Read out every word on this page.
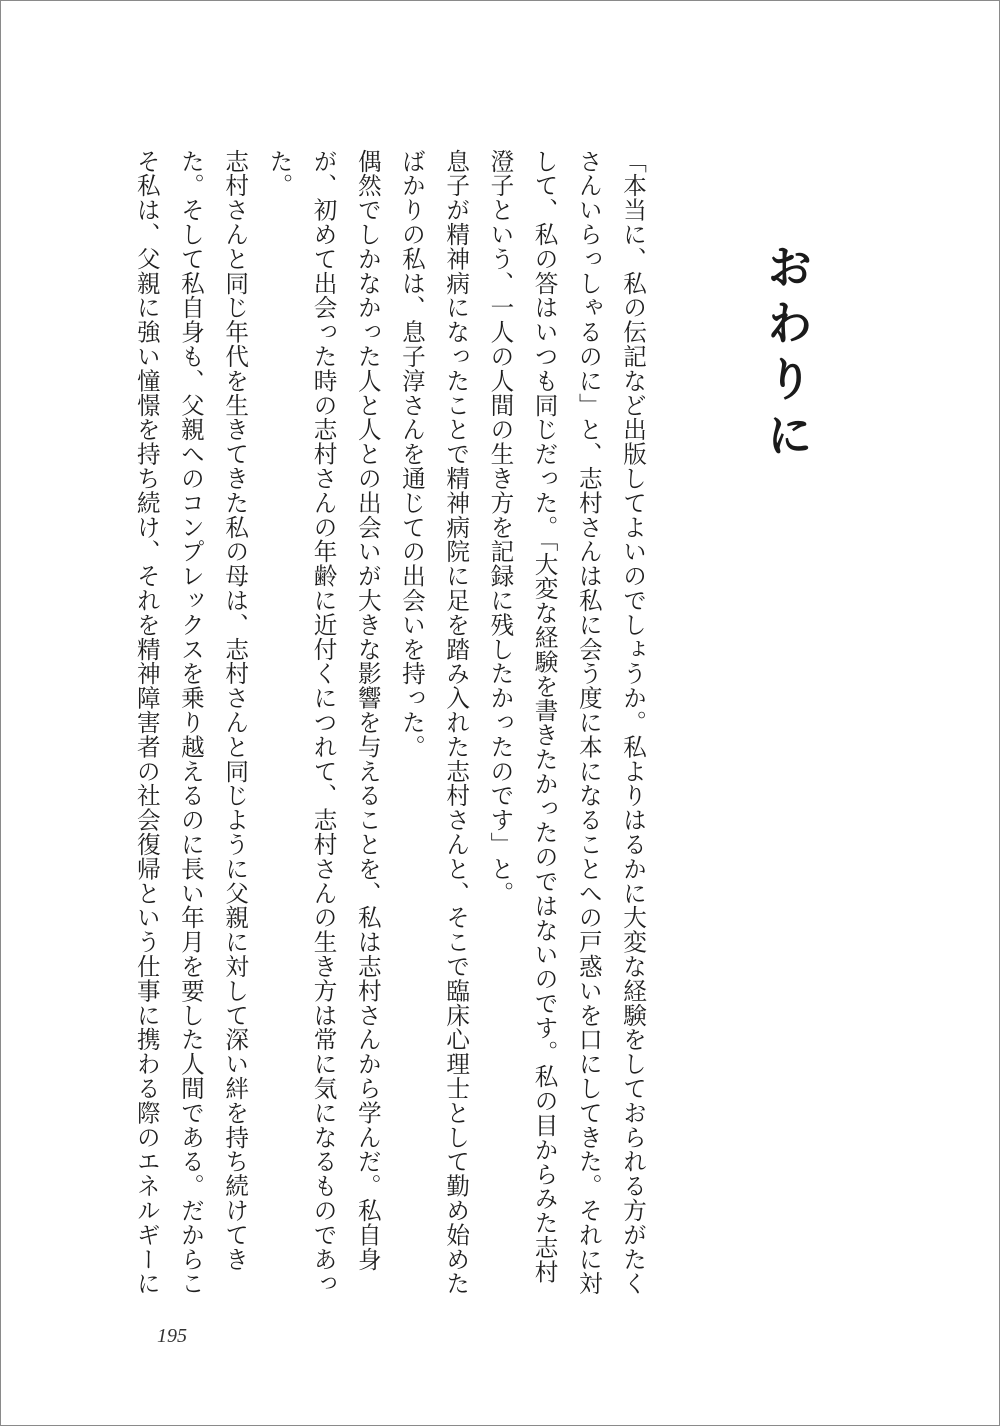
おわりに

「本当に、私の伝記など出版してよいのでしょうか。私よりはるかに大変な経験をしておられる方がたくさんいらっしゃるのに」と、志村さんは私に会う度に本になることへの戸惑いを口にしてきた。それに対して、私の答はいつも同じだった。「大変な経験を書きたかったのではないのです。私の目からみた志村澄子という、一人の人間の生き方を記録に残したかったのです」と。

息子が精神病になったことで精神病院に足を踏み入れた志村さんと、そこで臨床心理士として勤め始めたばかりの私は、息子淳さんを通じての出会いを持った。

偶然でしかなかった人と人との出会いが大きな影響を与えることを、私は志村さんから学んだ。私自身が、初めて出会った時の志村さんの年齢に近付くにつれて、志村さんの生き方は常に気になるものであった。

志村さんと同じ年代を生きてきた私の母は、志村さんと同じように父親に対して深い絆を持ち続けてきた。そして私自身も、父親へのコンプレックスを乗り越えるのに長い年月を要した人間である。だからこそ私は、父親に強い憧憬を持ち続け、それを精神障害者の社会復帰という仕事に携わる際のエネルギーに

195
